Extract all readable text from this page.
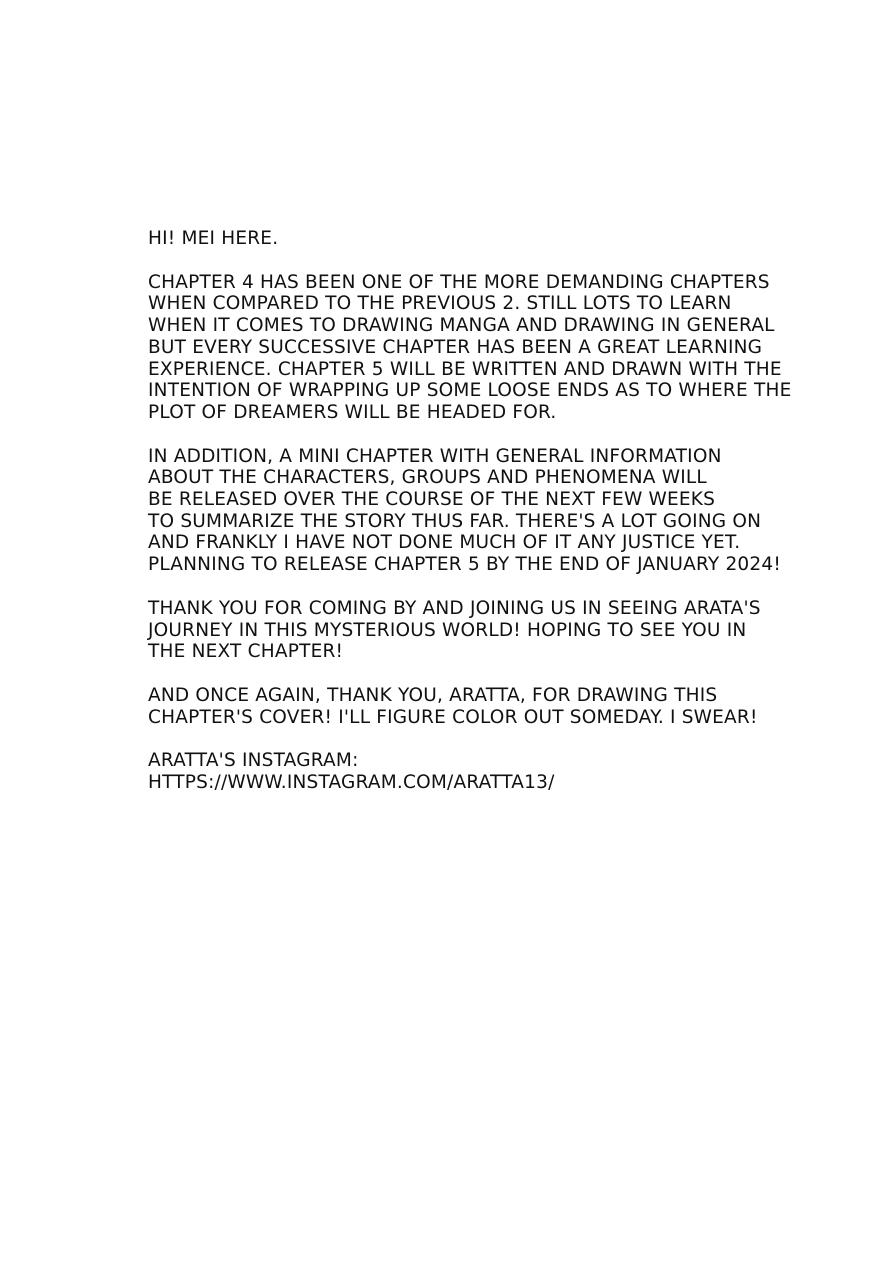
HI! MEI HERE.
CHAPTER 4 HAS BEEN ONE OF THE MORE DEMANDING CHAPTERS
WHEN COMPARED TO THE PREVIOUS 2. STILL LOTS TO LEARN
WHEN IT COMES TO DRAWING MANGA AND DRAWING IN GENERAL
BUT EVERY SUCCESSIVE CHAPTER HAS BEEN A GREAT LEARNING
EXPERIENCE. CHAPTER 5 WILL BE WRITTEN AND DRAWN WITH THE
INTENTION OF WRAPPING UP SOME LOOSE ENDS AS TO WHERE THE
PLOT OF DREAMERS WILL BE HEADED FOR.
IN ADDITION, A MINI CHAPTER WITH GENERAL INFORMATION
ABOUT THE CHARACTERS, GROUPS AND PHENOMENA WILL
BE RELEASED OVER THE COURSE OF THE NEXT FEW WEEKS
TO SUMMARIZE THE STORY THUS FAR. THERE'S A LOT GOING ON
AND FRANKLY I HAVE NOT DONE MUCH OF IT ANY JUSTICE YET.
PLANNING TO RELEASE CHAPTER 5 BY THE END OF JANUARY 2024!
THANK YOU FOR COMING BY AND JOINING US IN SEEING ARATA'S
JOURNEY IN THIS MYSTERIOUS WORLD! HOPING TO SEE YOU IN
THE NEXT CHAPTER!
AND ONCE AGAIN, THANK YOU, ARATTA, FOR DRAWING THIS
CHAPTER'S COVER! I'LL FIGURE COLOR OUT SOMEDAY. I SWEAR!
ARATTA'S INSTAGRAM:
HTTPS://WWW.INSTAGRAM.COM/ARATTA13/
